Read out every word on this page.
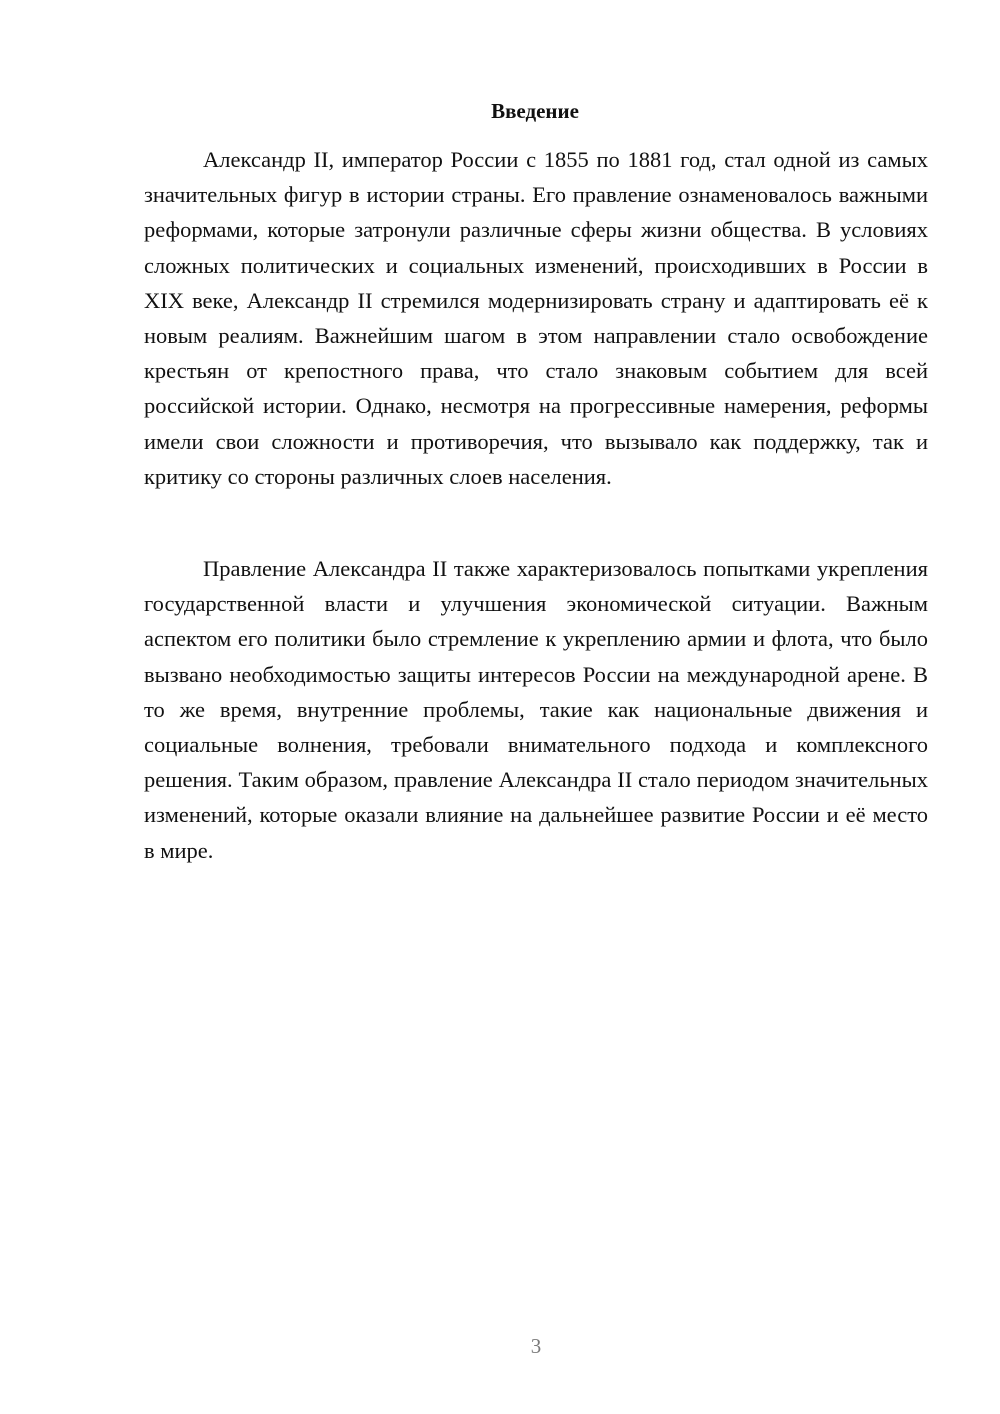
Введение

Александр II, император России с 1855 по 1881 год, стал одной из самых значительных фигур в истории страны. Его правление ознаменовалось важными реформами, которые затронули различные сферы жизни общества. В условиях сложных политических и социальных изменений, происходивших в России в XIX веке, Александр II стремился модернизировать страну и адаптировать её к новым реалиям. Важнейшим шагом в этом направлении стало освобождение крестьян от крепостного права, что стало знаковым событием для всей российской истории. Однако, несмотря на прогрессивные намерения, реформы имели свои сложности и противоречия, что вызывало как поддержку, так и критику со стороны различных слоев населения.

Правление Александра II также характеризовалось попытками укрепления государственной власти и улучшения экономической ситуации. Важным аспектом его политики было стремление к укреплению армии и флота, что было вызвано необходимостью защиты интересов России на международной арене. В то же время, внутренние проблемы, такие как национальные движения и социальные волнения, требовали внимательного подхода и комплексного решения. Таким образом, правление Александра II стало периодом значительных изменений, которые оказали влияние на дальнейшее развитие России и её место в мире.

3
